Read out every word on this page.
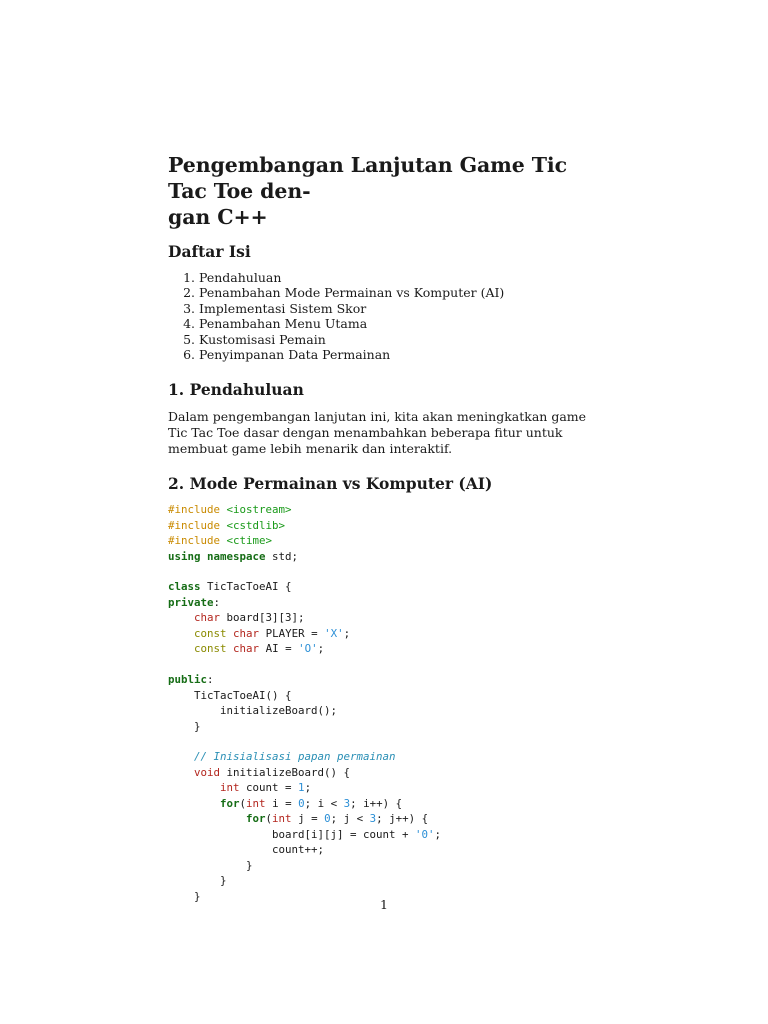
Pengembangan Lanjutan Game Tic Tac Toe den-
gan C++
Daftar Isi
1. Pendahuluan
2. Penambahan Mode Permainan vs Komputer (AI)
3. Implementasi Sistem Skor
4. Penambahan Menu Utama
5. Kustomisasi Pemain
6. Penyimpanan Data Permainan
1. Pendahuluan

Dalam pengembangan lanjutan ini, kita akan meningkatkan game Tic Tac Toe dasar dengan menambahkan beberapa fitur untuk membuat game lebih menarik dan interaktif.

2. Mode Permainan vs Komputer (AI)
#include <iostream>
#include <cstdlib>
#include <ctime>
using namespace std;

class TicTacToeAI {
private:
char board[3][3];
const char PLAYER = 'X';
const char AI = 'O';

public:
TicTacToeAI() {
initializeBoard();
}

// Inisialisasi papan permainan
void initializeBoard() {
int count = 1;
for(int i = 0; i < 3; i++) {
for(int j = 0; j < 3; j++) {
board[i][j] = count + '0';
count++;
}
}
}
1
